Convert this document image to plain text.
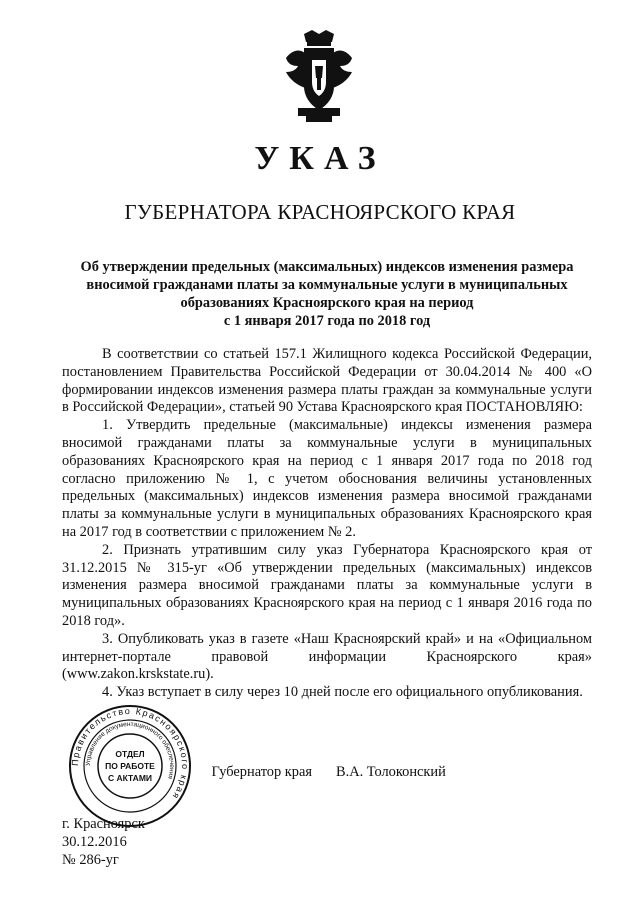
УКАЗ
ГУБЕРНАТОРА КРАСНОЯРСКОГО КРАЯ
Об утверждении предельных (максимальных) индексов изменения размера
вносимой гражданами платы за коммунальные услуги в муниципальных
образованиях Красноярского края на период
с 1 января 2017 года по 2018 год

В соответствии со статьей 157.1 Жилищного кодекса Российской Федерации, постановлением Правительства Российской Федерации от 30.04.2014 № 400 «О формировании индексов изменения размера платы граждан за коммунальные услуги в Российской Федерации», статьей 90 Устава Красноярского края ПОСТАНОВЛЯЮ:

1. Утвердить предельные (максимальные) индексы изменения размера вносимой гражданами платы за коммунальные услуги в муниципальных образованиях Красноярского края на период с 1 января 2017 года по 2018 год согласно приложению № 1, с учетом обоснования величины установленных предельных (максимальных) индексов изменения размера вносимой гражданами платы за коммунальные услуги в муниципальных образованиях Красноярского края на 2017 год в соответствии с приложением № 2.

2. Признать утратившим силу указ Губернатора Красноярского края от 31.12.2015 № 315-уг «Об утверждении предельных (максимальных) индексов изменения размера вносимой гражданами платы за коммунальные услуги в муниципальных образованиях Красноярского края на период с 1 января 2016 года по 2018 год».

3. Опубликовать указ в газете «Наш Красноярский край» и на «Официальном интернет-портале правовой информации Красноярского края» (www.zakon.krskstate.ru).

4. Указ вступает в силу через 10 дней после его официального опубликования.

Губернатор края В.А. Толоконский
г. Красноярск
30.12.2016
№ 286-уг
Правительство Красноярского края
Управление документационного обеспечения
ОТДЕЛ
ПО РАБОТЕ
С АКТАМИ
